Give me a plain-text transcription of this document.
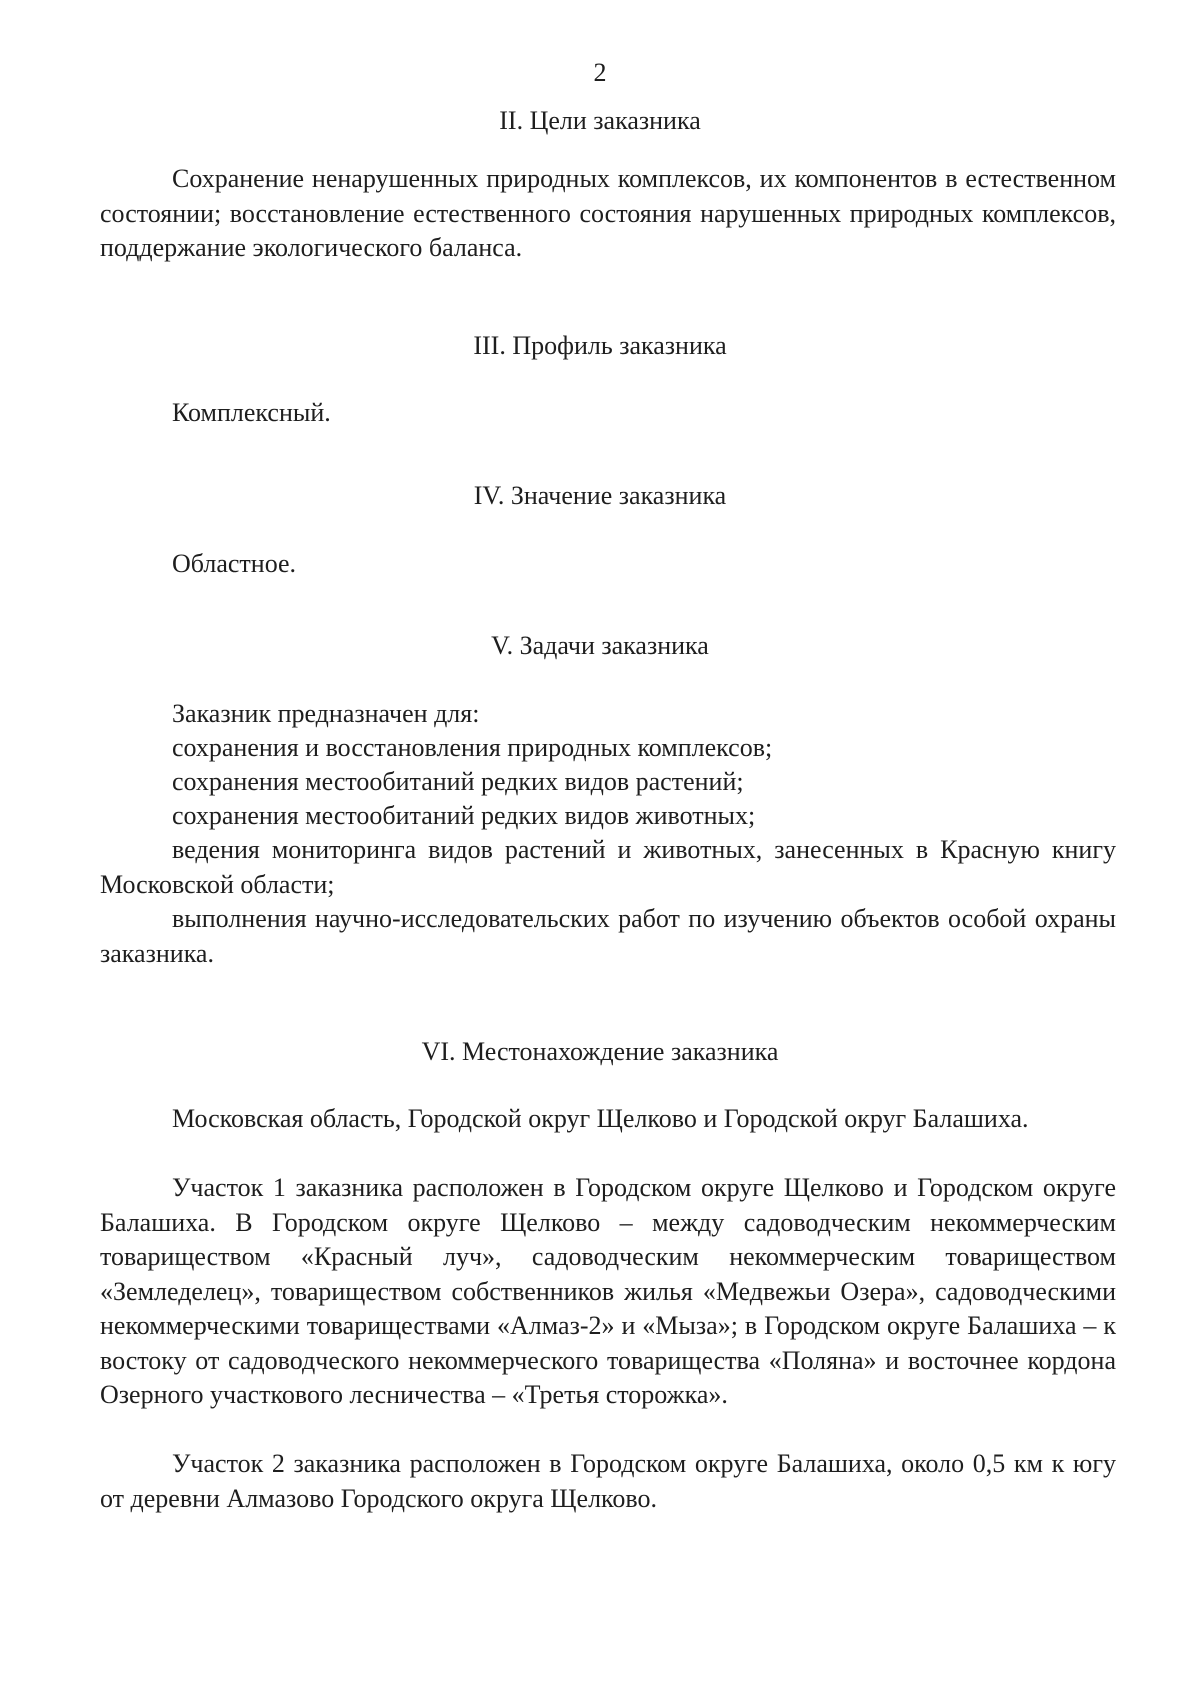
2
II. Цели заказника

Сохранение ненарушенных природных комплексов, их компонентов в естественном состоянии; восстановление естественного состояния нарушенных природных комплексов, поддержание экологического баланса.

III. Профиль заказника
Комплексный.
IV. Значение заказника
Областное.
V. Задачи заказника
Заказник предназначен для:
сохранения и восстановления природных комплексов;
сохранения местообитаний редких видов растений;
сохранения местообитаний редких видов животных;

ведения мониторинга видов растений и животных, занесенных в Красную книгу Московской области;

выполнения научно-исследовательских работ по изучению объектов особой охраны заказника.

VI. Местонахождение заказника

Московская область, Городской округ Щелково и Городской округ Балашиха.

Участок 1 заказника расположен в Городском округе Щелково и Городском округе Балашиха. В Городском округе Щелково – между садоводческим некоммерческим товариществом «Красный луч», садоводческим некоммерческим товариществом «Земледелец», товариществом собственников жилья «Медвежьи Озера», садоводческими некоммерческими товариществами «Алмаз-2» и «Мыза»; в Городском округе Балашиха – к востоку от садоводческого некоммерческого товарищества «Поляна» и восточнее кордона Озерного участкового лесничества – «Третья сторожка».

Участок 2 заказника расположен в Городском округе Балашиха, около 0,5 км к югу от деревни Алмазово Городского округа Щелково.
